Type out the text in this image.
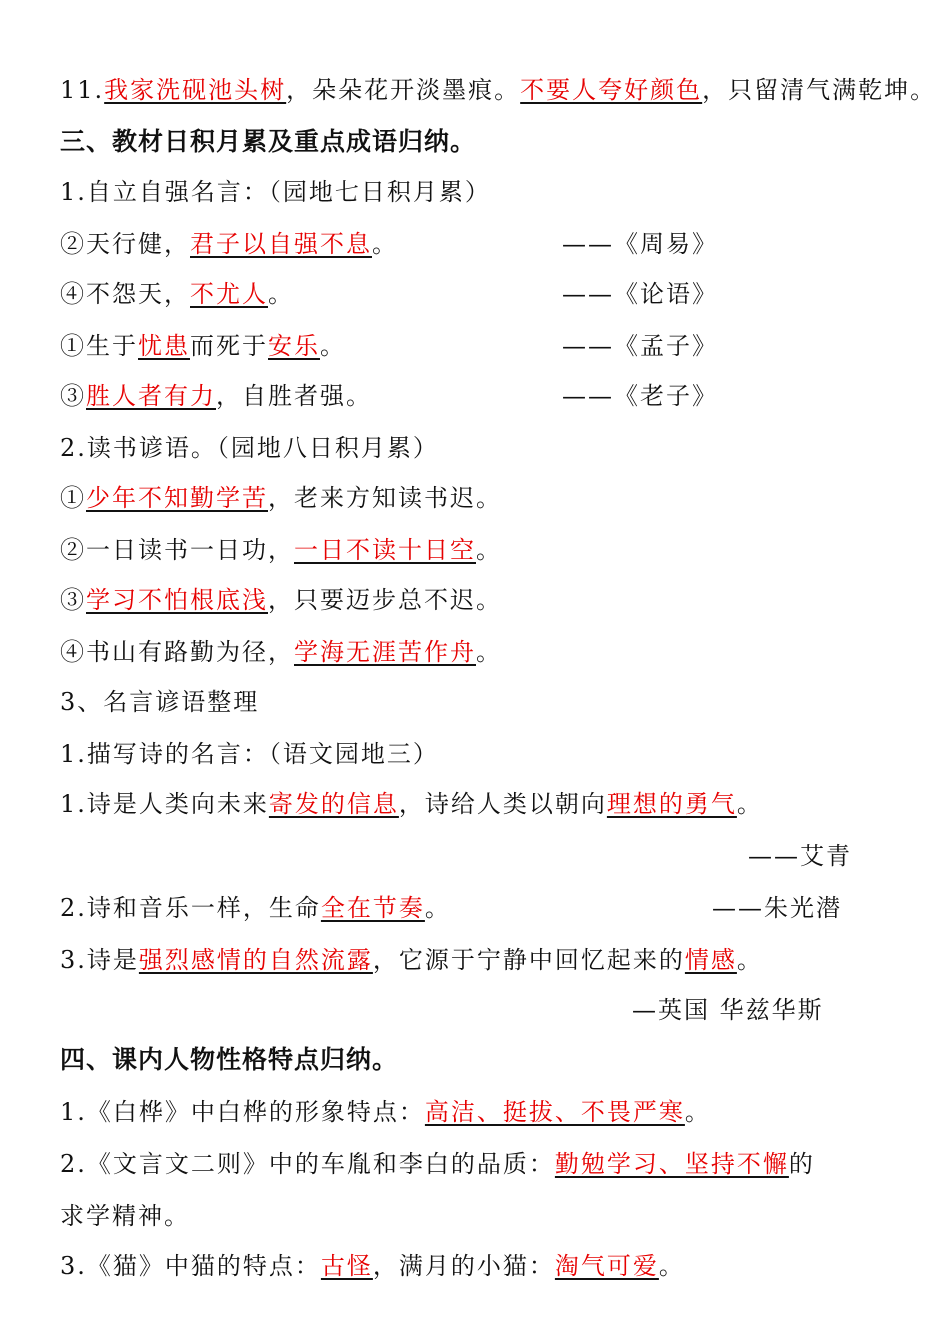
11.我家洗砚池头树，朵朵花开淡墨痕。不要人夸好颜色，只留清气满乾坤。
三、教材日积月累及重点成语归纳。
1.自立自强名言：（园地七日积月累）
②天行健，君子以自强不息。	——《周易》
④不怨天，不尤人。	——《论语》
①生于忧患而死于安乐。	——《孟子》
③胜人者有力，自胜者强。	——《老子》
2.读书谚语。（园地八日积月累）
①少年不知勤学苦，老来方知读书迟。
②一日读书一日功，一日不读十日空。
③学习不怕根底浅，只要迈步总不迟。
④书山有路勤为径，学海无涯苦作舟。
3、名言谚语整理
1.描写诗的名言：（语文园地三）
1.诗是人类向未来寄发的信息，诗给人类以朝向理想的勇气。
——艾青
2.诗和音乐一样，生命全在节奏。	——朱光潜
3.诗是强烈感情的自然流露，它源于宁静中回忆起来的情感。
—英国 华兹华斯
四、课内人物性格特点归纳。
1.《白桦》中白桦的形象特点：高洁、挺拔、不畏严寒。
2.《文言文二则》中的车胤和李白的品质：勤勉学习、坚持不懈的
求学精神。
3.《猫》中猫的特点：古怪，满月的小猫：淘气可爱。
